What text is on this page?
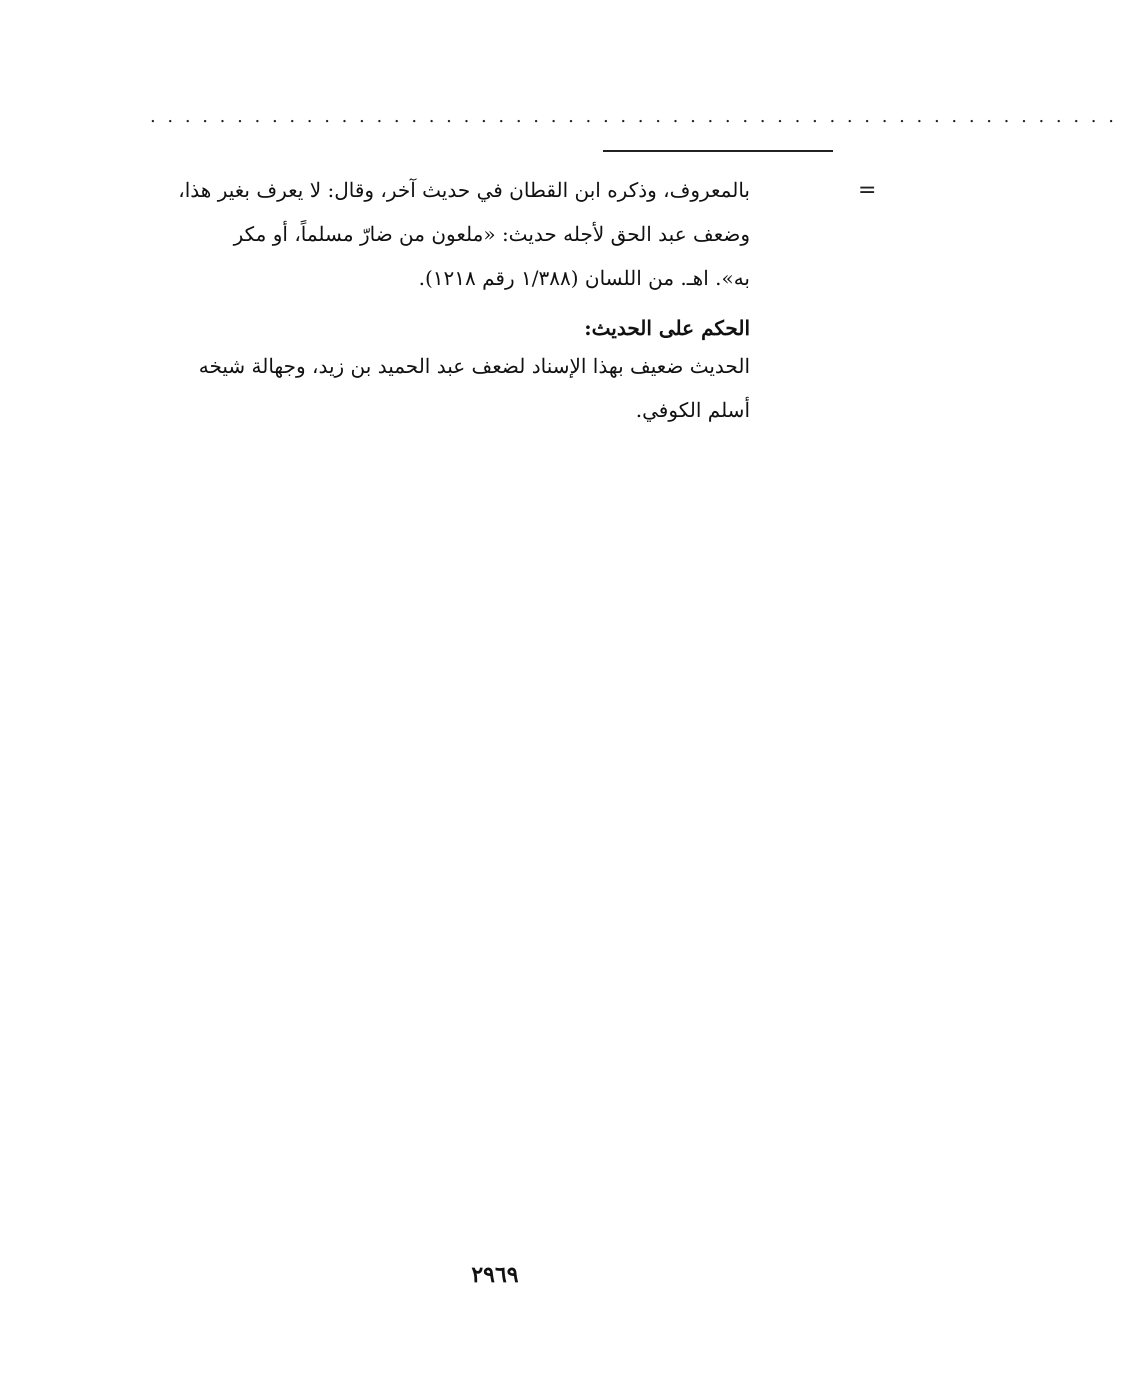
........................................................
=
بالمعروف، وذكره ابن القطان في حديث آخر، وقال: لا يعرف بغير هذا،
وضعف عبد الحق لأجله حديث: «ملعون من ضارّ مسلماً، أو مكر
به». اهـ. من اللسان (١/٣٨٨ رقم ١٢١٨).
الحكم على الحديث:
الحديث ضعيف بهذا الإسناد لضعف عبد الحميد بن زيد، وجهالة شيخه
أسلم الكوفي.
٢٩٦٩
